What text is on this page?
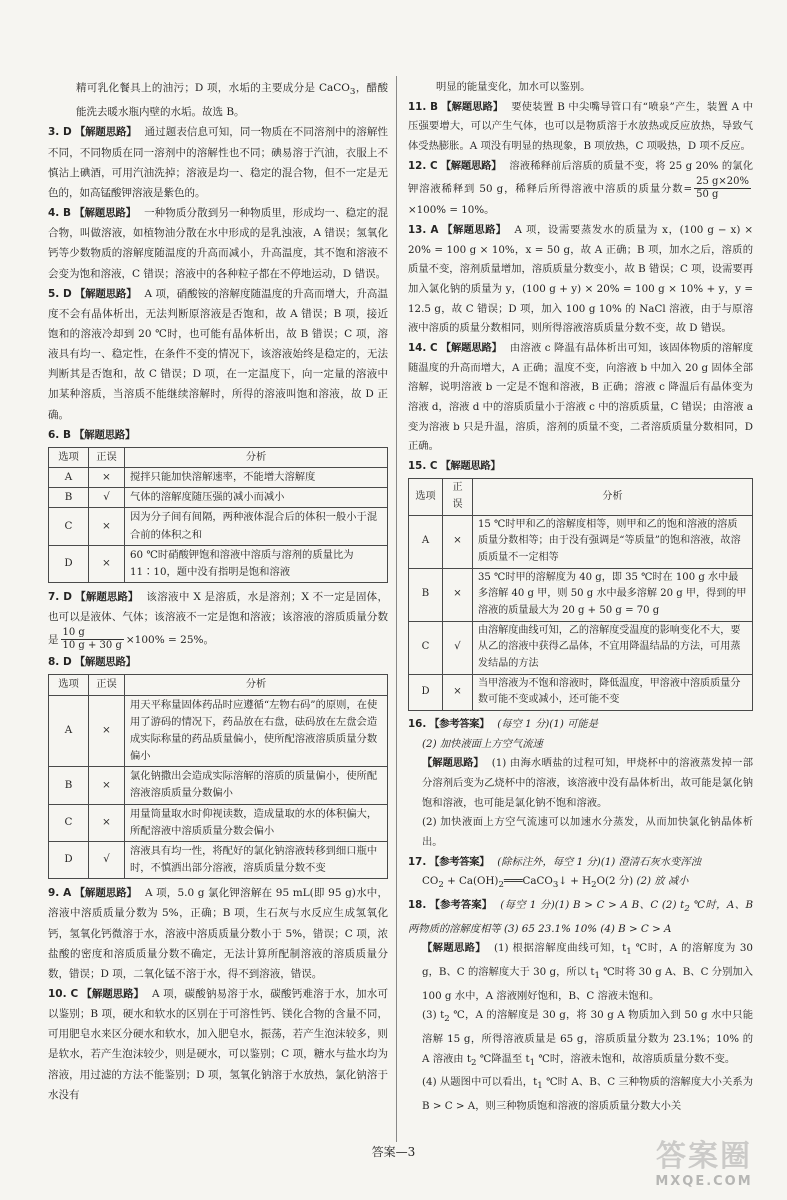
精可乳化餐具上的油污；D 项，水垢的主要成分是 CaCO$_3$，醋酸能洗去暖水瓶内壁的水垢。故选 B。

3. D 【解题思路】 通过题表信息可知，同一物质在不同溶剂中的溶解性不同，不同物质在同一溶剂中的溶解性也不同；碘易溶于汽油，衣服上不慎沾上碘酒，可用汽油洗掉；溶液是均一、稳定的混合物，但不一定是无色的，如高锰酸钾溶液是紫色的。

4. B 【解题思路】 一种物质分散到另一种物质里，形成均一、稳定的混合物，叫做溶液，如植物油分散在水中形成的是乳浊液，A 错误；氢氧化钙等少数物质的溶解度随温度的升高而减小，升高温度，其不饱和溶液不会变为饱和溶液，C 错误；溶液中的各种粒子都在不停地运动，D 错误。

5. D 【解题思路】 A 项，硝酸铵的溶解度随温度的升高而增大，升高温度不会有晶体析出，无法判断原溶液是否饱和，故 A 错误；B 项，接近饱和的溶液冷却到 20 ℃时，也可能有晶体析出，故 B 错误；C 项，溶液具有均一、稳定性，在条件不变的情况下，该溶液始终是稳定的，无法判断其是否饱和，故 C 错误；D 项，在一定温度下，向一定量的溶液中加某种溶质，当溶质不能继续溶解时，所得的溶液叫饱和溶液，故 D 正确。

6. B 【解题思路】

选项	正误	分析
A	×	搅拌只能加快溶解速率，不能增大溶解度
B	√	气体的溶解度随压强的减小而减小
C	×	因为分子间有间隔，两种液体混合后的体积一般小于混合前的体积之和
D	×	60 ℃时硝酸钾饱和溶液中溶质与溶剂的质量比为 11∶10，题中没有指明是饱和溶液

7. D 【解题思路】 该溶液中 X 是溶质，水是溶剂；X 不一定是固体，也可以是液体、气体；该溶液不一定是饱和溶液；该溶液的溶质质量分数是 $\frac{10 g}{10 g + 30 g} \times 100\% = 25\%$。

8. D 【解题思路】

选项	正误	分析
A	×	用天平称量固体药品时应遵循“左物右码”的原则，在使用了游码的情况下，药品放在右盘，砝码放在左盘会造成实际称量的药品质量偏小，使所配溶液溶质质量分数偏小
B	×	氯化钠撒出会造成实际溶解的溶质的质量偏小，使所配溶液溶质质量分数偏小
C	×	用量筒量取水时仰视读数，造成量取的水的体积偏大，所配溶液中溶质质量分数会偏小
D	√	溶液具有均一性，将配好的氯化钠溶液转移到细口瓶中时，不慎洒出部分溶液，溶质质量分数不变

9. A 【解题思路】 A 项，5.0 g 氯化钾溶解在 95 mL(即 95 g)水中，溶液中溶质质量分数为 5%，正确；B 项，生石灰与水反应生成氢氧化钙，氢氧化钙微溶于水，溶液中溶质质量分数小于 5%，错误；C 项，浓盐酸的密度和溶质质量分数不确定，无法计算所配制溶液的溶质质量分数，错误；D 项，二氧化锰不溶于水，得不到溶液，错误。

10. C 【解题思路】 A 项，碳酸钠易溶于水，碳酸钙难溶于水，加水可以鉴别；B 项，硬水和软水的区别在于可溶性钙、镁化合物的含量不同，可用肥皂水来区分硬水和软水，加入肥皂水，振荡，若产生泡沫较多，则是软水，若产生泡沫较少，则是硬水，可以鉴别；C 项，糖水与盐水均为溶液，用过滤的方法不能鉴别；D 项，氢氧化钠溶于水放热，氯化钠溶于水没有

明显的能量变化，加水可以鉴别。

11. B 【解题思路】 要使装置 B 中尖嘴导管口有“喷泉”产生，装置 A 中压强要增大，可以产生气体，也可以是物质溶于水放热或反应放热，导致气体受热膨胀。A 项没有明显的热现象，B 项放热，C 项吸热，D 项不反应。

12. C 【解题思路】 溶液稀释前后溶质的质量不变，将 25 g 20% 的氯化钾溶液稀释到 50 g，稀释后所得溶液中溶质的质量分数= $\frac{25 g\times 20\%}{50 g}$
×100% = 10%。

13. A 【解题思路】 A 项，设需要蒸发水的质量为 x，(100 g − x) × 20% = 100 g × 10%，x = 50 g，故 A 正确；B 项，加水之后，溶质的质量不变，溶剂质量增加，溶质质量分数变小，故 B 错误；C 项，设需要再加入氯化钠的质量为 y，(100 g + y) × 20% = 100 g × 10% + y，y = 12.5 g，故 C 错误；D 项，加入 100 g 10% 的 NaCl 溶液，由于与原溶液中溶质的质量分数相同，则所得溶液溶质质量分数不变，故 D 错误。

14. C 【解题思路】 由溶液 c 降温有晶体析出可知，该固体物质的溶解度随温度的升高而增大，A 正确；温度不变，向溶液 b 中加入 20 g 固体全部溶解，说明溶液 b 一定是不饱和溶液，B 正确；溶液 c 降温后有晶体变为溶液 d，溶液 d 中的溶质质量小于溶液 c 中的溶质质量，C 错误；由溶液 a 变为溶液 b 只是升温，溶质，溶剂的质量不变，二者溶质质量分数相同，D 正确。

15. C 【解题思路】

选项	正误	分析
A	×	15 ℃时甲和乙的溶解度相等，则甲和乙的饱和溶液的溶质质量分数相等；由于没有强调是“等质量”的饱和溶液，故溶质质量不一定相等
B	×	35 ℃时甲的溶解度为 40 g，即 35 ℃时在 100 g 水中最多溶解 40 g 甲，则 50 g 水中最多溶解 20 g 甲，得到的甲溶液的质量最大为 20 g + 50 g = 70 g
C	√	由溶解度曲线可知，乙的溶解度受温度的影响变化不大，要从乙的溶液中获得乙晶体，不宜用降温结晶的方法，可用蒸发结晶的方法
D	×	当甲溶液为不饱和溶液时，降低温度，甲溶液中溶质质量分数可能不变或减小，还可能不变

16. 【参考答案】 (每空 1 分)(1) 可能是

(2) 加快液面上方空气流速

【解题思路】 (1) 由海水晒盐的过程可知，甲烧杯中的溶液蒸发掉一部分溶剂后变为乙烧杯中的溶液，该溶液中没有晶体析出，故可能是氯化钠饱和溶液，也可能是氯化钠不饱和溶液。

(2) 加快液面上方空气流速可以加速水分蒸发，从而加快氯化钠晶体析出。

17. 【参考答案】 (除标注外，每空 1 分)(1) 澄清石灰水变浑浊

$CO_2$ + $Ca(OH)_2═══CaCO_3↓ + H_2O(2$ 分) (2) 放 减小

18. 【参考答案】 (每空 1 分)(1) B > C > A B、C (2) $t_2$ ℃时，A、B 两物质的溶解度相等 (3) 65 23.1% 10% (4) B > C > A

【解题思路】 (1) 根据溶解度曲线可知，$t_1$ ℃时，A 的溶解度为 30 g，B、C 的溶解度大于 30 g，所以 $t_1$ ℃时将 30 g A、B、C 分别加入 100 g 水中，A 溶液刚好饱和，B、C 溶液未饱和。

(3) $t_2$ ℃，A 的溶解度是 30 g，将 30 g A 物质加入到 50 g 水中只能溶解 15 g，所得溶液质量是 65 g，溶质质量分数为 23.1%；10% 的 A 溶液由 $t_2$ ℃降温至 $t_1$ ℃时，溶液未饱和，故溶质质量分数不变。

(4) 从题图中可以看出，$t_1$ ℃时 A、B、C 三种物质的溶解度大小关系为 B > C > A，则三种物质饱和溶液的溶质质量分数大小关

答案—3	答案圈
MXQE.COM
